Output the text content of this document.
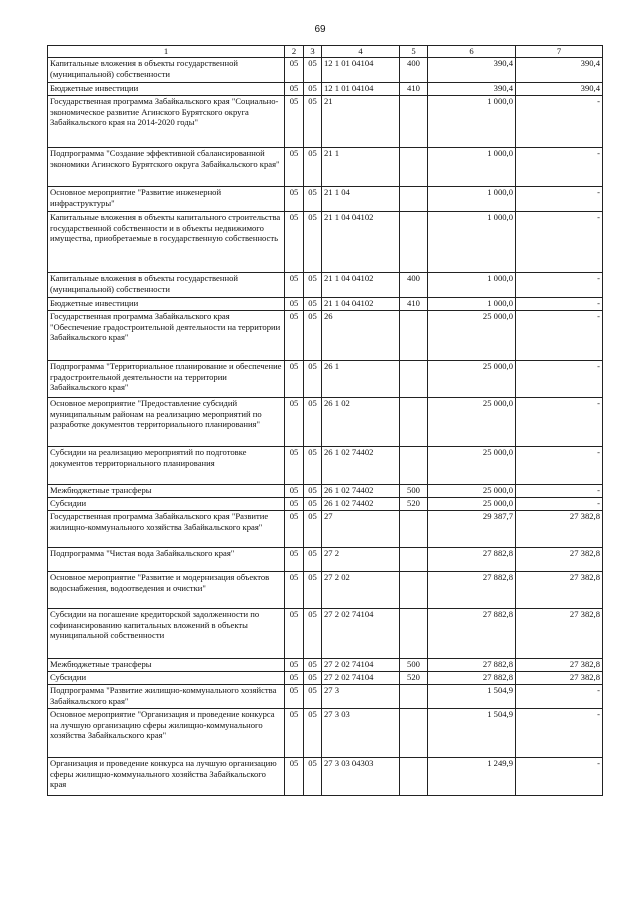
69
1	2	3	4	5	6	7
Капитальные вложения в объекты государственной (муниципальной) собственности	05	05	12 1 01 04104	400	390,4	390,4
Бюджетные инвестиции	05	05	12 1 01 04104	410	390,4	390,4
Государственная программа Забайкальского края "Социально-экономическое развитие Агинского Бурятского округа Забайкальского края на 2014-2020 годы"	05	05	21		1 000,0	-
Подпрограмма "Создание эффективной сбалансированной экономики Агинского Бурятского округа Забайкальского края"	05	05	21 1		1 000,0	-
Основное мероприятие "Развитие инженерной инфраструктуры"	05	05	21 1 04		1 000,0	-
Капитальные вложения в объекты капитального строительства государственной собственности и в объекты недвижимого имущества, приобретаемые в государственную собственность	05	05	21 1 04 04102		1 000,0	-
Капитальные вложения в объекты государственной (муниципальной) собственности	05	05	21 1 04 04102	400	1 000,0	-
Бюджетные инвестиции	05	05	21 1 04 04102	410	1 000,0	-
Государственная программа Забайкальского края "Обеспечение градостроительной деятельности на территории Забайкальского края"	05	05	26		25 000,0	-
Подпрограмма "Территориальное планирование и обеспечение градостроительной деятельности на территории Забайкальского края"	05	05	26 1		25 000,0	-
Основное мероприятие "Предоставление субсидий муниципальным районам на реализацию мероприятий по разработке документов территориального планирования"	05	05	26 1 02		25 000,0	-
Субсидии на реализацию мероприятий по подготовке документов территориального планирования	05	05	26 1 02 74402		25 000,0	-
Межбюджетные трансферы	05	05	26 1 02 74402	500	25 000,0	-
Субсидии	05	05	26 1 02 74402	520	25 000,0	-
Государственная программа Забайкальского края "Развитие жилищно-коммунального хозяйства Забайкальского края"	05	05	27		29 387,7	27 382,8
Подпрограмма "Чистая вода Забайкальского края"	05	05	27 2		27 882,8	27 382,8
Основное мероприятие "Развитие и модернизация объектов водоснабжения, водоотведения и очистки"	05	05	27 2 02		27 882,8	27 382,8
Субсидии на погашение кредиторской задолженности по софинансированию капитальных вложений в объекты муниципальной собственности	05	05	27 2 02 74104		27 882,8	27 382,8
Межбюджетные трансферы	05	05	27 2 02 74104	500	27 882,8	27 382,8
Субсидии	05	05	27 2 02 74104	520	27 882,8	27 382,8
Подпрограмма "Развитие жилищно-коммунального хозяйства Забайкальского края"	05	05	27 3		1 504,9	-
Основное мероприятие "Организация и проведение конкурса на лучшую организацию сферы жилищно-коммунального хозяйства Забайкальского края"	05	05	27 3 03		1 504,9	-
Организация и проведение конкурса на лучшую организацию сферы жилищно-коммунального хозяйства Забайкальского края	05	05	27 3 03 04303		1 249,9	-
